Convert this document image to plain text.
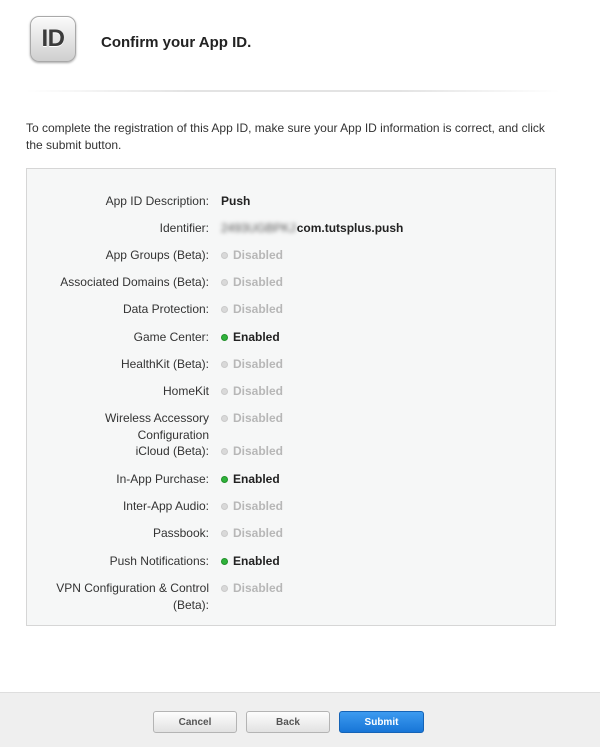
ID Confirm your App ID.
To complete the registration of this App ID, make sure your App ID information is correct, and click the submit button.
App ID Description: Push
Identifier: 2493UGBPKJcom.tutsplus.push
App Groups (Beta): Disabled
Associated Domains (Beta): Disabled
Data Protection: Disabled
Game Center: Enabled
HealthKit (Beta): Disabled
HomeKit Disabled
Wireless Accessory
Configuration
Disabled
iCloud (Beta): Disabled
In-App Purchase: Enabled
Inter-App Audio: Disabled
Passbook: Disabled
Push Notifications: Enabled
VPN Configuration & Control
(Beta):
Disabled
Cancel	Back	Submit
